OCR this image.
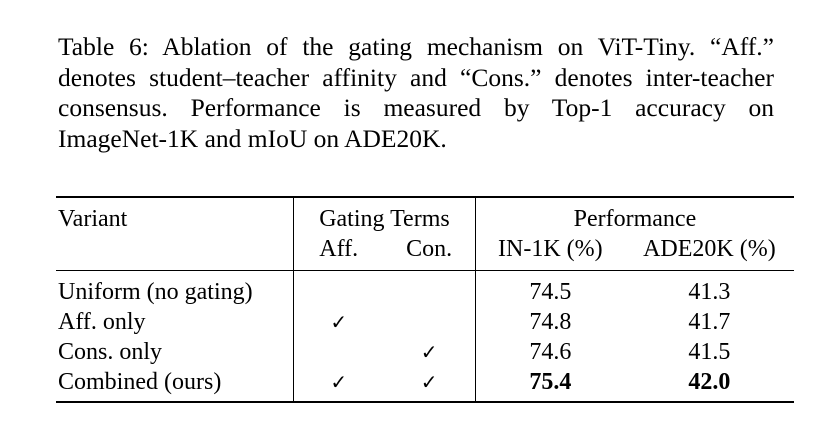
Table 6: Ablation of the gating mechanism on ViT-Tiny. “Aff.” denotes student–teacher affinity and “Cons.” denotes inter-teacher consensus. Performance is measured by Top-1 accuracy on ImageNet-1K and mIoU on ADE20K.
Variant	Gating Terms		Performance	
	Aff.	Con.	IN-1K (%)	ADE20K (%)
Uniform (no gating)			74.5	41.3
Aff. only	✓		74.8	41.7
Cons. only		✓	74.6	41.5
Combined (ours)	✓	✓	75.4	42.0
